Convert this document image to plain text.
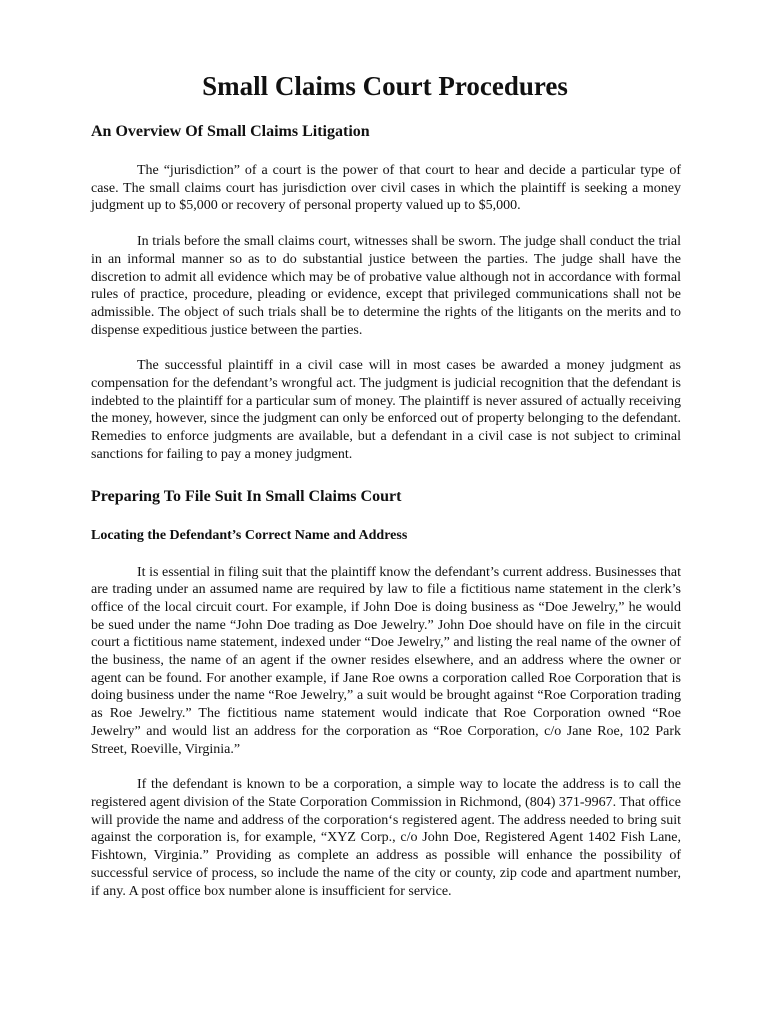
Small Claims Court Procedures
An Overview Of Small Claims Litigation

The “jurisdiction” of a court is the power of that court to hear and decide a particular type of case. The small claims court has jurisdiction over civil cases in which the plaintiff is seeking a money judgment up to $5,000 or recovery of personal property valued up to $5,000.

In trials before the small claims court, witnesses shall be sworn. The judge shall conduct the trial in an informal manner so as to do substantial justice between the parties. The judge shall have the discretion to admit all evidence which may be of probative value although not in accordance with formal rules of practice, procedure, pleading or evidence, except that privileged communications shall not be admissible. The object of such trials shall be to determine the rights of the litigants on the merits and to dispense expeditious justice between the parties.

The successful plaintiff in a civil case will in most cases be awarded a money judgment as compensation for the defendant’s wrongful act. The judgment is judicial recognition that the defendant is indebted to the plaintiff for a particular sum of money. The plaintiff is never assured of actually receiving the money, however, since the judgment can only be enforced out of property belonging to the defendant. Remedies to enforce judgments are available, but a defendant in a civil case is not subject to criminal sanctions for failing to pay a money judgment.

Preparing To File Suit In Small Claims Court
Locating the Defendant’s Correct Name and Address

It is essential in filing suit that the plaintiff know the defendant’s current address. Businesses that are trading under an assumed name are required by law to file a fictitious name statement in the clerk’s office of the local circuit court. For example, if John Doe is doing business as “Doe Jewelry,” he would be sued under the name “John Doe trading as Doe Jewelry.” John Doe should have on file in the circuit court a fictitious name statement, indexed under “Doe Jewelry,” and listing the real name of the owner of the business, the name of an agent if the owner resides elsewhere, and an address where the owner or agent can be found. For another example, if Jane Roe owns a corporation called Roe Corporation that is doing business under the name “Roe Jewelry,” a suit would be brought against “Roe Corporation trading as Roe Jewelry.” The fictitious name statement would indicate that Roe Corporation owned “Roe Jewelry” and would list an address for the corporation as “Roe Corporation, c/o Jane Roe, 102 Park Street, Roeville, Virginia.”

If the defendant is known to be a corporation, a simple way to locate the address is to call the registered agent division of the State Corporation Commission in Richmond, (804) 371-9967. That office will provide the name and address of the corporation‘s registered agent. The address needed to bring suit against the corporation is, for example, “XYZ Corp., c/o John Doe, Registered Agent 1402 Fish Lane, Fishtown, Virginia.” Providing as complete an address as possible will enhance the possibility of successful service of process, so include the name of the city or county, zip code and apartment number, if any. A post office box number alone is insufficient for service.
